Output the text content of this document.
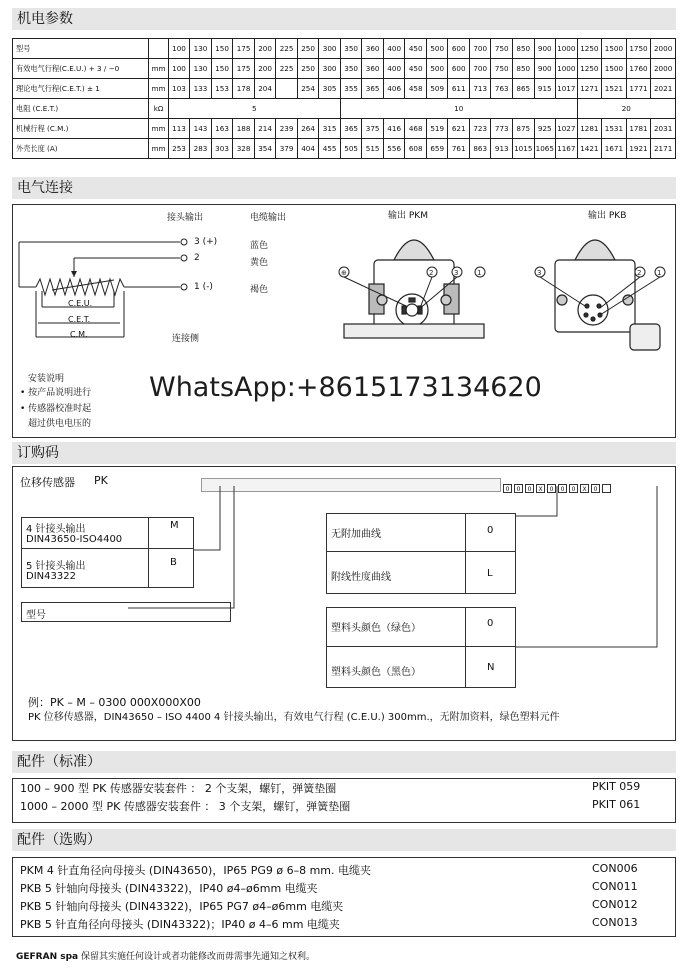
机电参数
电气连接
订购码
配件（标准）
配件（选购）
型号		100	130	150	175	200	225	250	300	350	360	400	450	500	600	700	750	850	900	1000	1250	1500	1750	2000
有效电气行程(C.E.U.) + 3 / −0	mm	100	130	150	175	200	225	250	300	350	360	400	450	500	600	700	750	850	900	1000	1250	1500	1760	2000
理论电气行程(C.E.T.) ± 1	mm	103	133	153	178	204		254	305	355	365	406	458	509	611	713	763	865	915	1017	1271	1521	1771	2021
电阻 (C.E.T.)	kΩ	5								10											20			
机械行程 (C.M.)	mm	113	143	163	188	214	239	264	315	365	375	416	468	519	621	723	773	875	925	1027	1281	1531	1781	2031
外壳长度 (A)	mm	253	283	303	328	354	379	404	455	505	515	556	608	659	761	863	913	1015	1065	1167	1421	1671	1921	2171
接头输出	电缆输出	输出 PKM	输出 PKB
3 (+)
2
1 (-)
蓝色
黄色
褐色
C.E.U.
C.E.T.
C.M.	连接侧
⊕	2	3	1	3	2 1
安装说明
• 按产品说明进行
• 传感器校准时起
超过供电电压的
WhatsApp:+8615173134620
位移传感器 PK
0 0 0 X 0 0 0 X 0
4 针接头输出
DIN43650-ISO4400
M
5 针接头输出
DIN43322
B
型号
无附加曲线	0
附线性度曲线	L
塑料头颜色（绿色）	0
塑料头颜色（黑色）	N
例：PK – M – 0300 000X000X00
PK 位移传感器，DIN43650 – ISO 4400 4 针接头输出，有效电气行程 (C.E.U.) 300mm.，无附加资料，绿色塑料元件
100 – 900 型 PK 传感器安装套件 ： 2 个支架，螺钉，弹簧垫圈	PKIT 059
1000 – 2000 型 PK 传感器安装套件 ： 3 个支架，螺钉，弹簧垫圈	PKIT 061
PKM 4 针直角径向母接头 (DIN43650)，IP65 PG9 ø 6–8 mm. 电缆夹	CON006
PKB 5 针轴向母接头 (DIN43322)，IP40 ø4–ø6mm 电缆夹	CON011
PKB 5 针轴向母接头 (DIN43322)，IP65 PG7 ø4–ø6mm 电缆夹	CON012
PKB 5 针直角径向母接头 (DIN43322)；IP40 ø 4–6 mm 电缆夹	CON013
GEFRAN spa 保留其实施任何设计或者功能修改而毋需事先通知之权利。
